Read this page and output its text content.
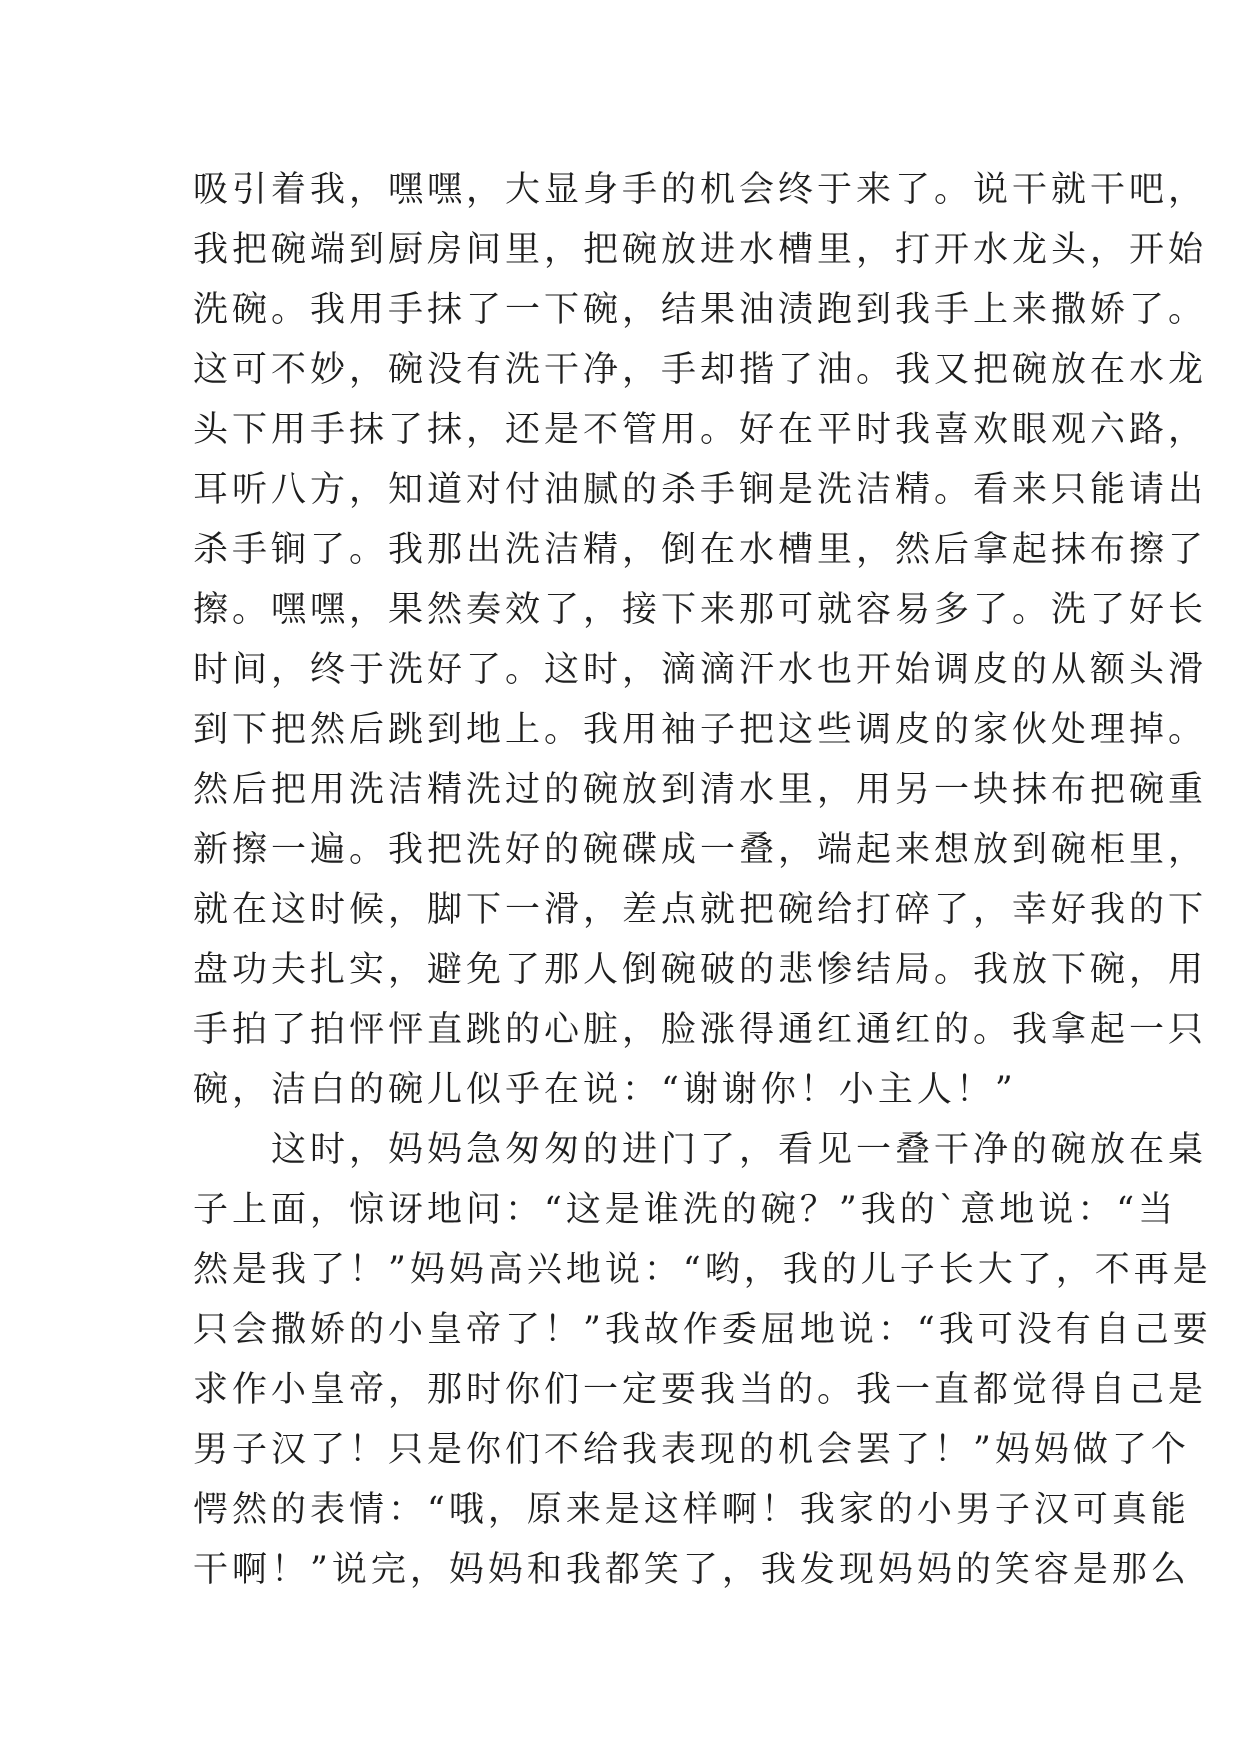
吸引着我，嘿嘿，大显身手的机会终于来了。说干就干吧，
我把碗端到厨房间里，把碗放进水槽里，打开水龙头，开始
洗碗。我用手抹了一下碗，结果油渍跑到我手上来撒娇了。
这可不妙，碗没有洗干净，手却揩了油。我又把碗放在水龙
头下用手抹了抹，还是不管用。好在平时我喜欢眼观六路，
耳听八方，知道对付油腻的杀手锏是洗洁精。看来只能请出
杀手锏了。我那出洗洁精，倒在水槽里，然后拿起抹布擦了
擦。嘿嘿，果然奏效了，接下来那可就容易多了。洗了好长
时间，终于洗好了。这时，滴滴汗水也开始调皮的从额头滑
到下把然后跳到地上。我用袖子把这些调皮的家伙处理掉。
然后把用洗洁精洗过的碗放到清水里，用另一块抹布把碗重
新擦一遍。我把洗好的碗碟成一叠，端起来想放到碗柜里，
就在这时候，脚下一滑，差点就把碗给打碎了，幸好我的下
盘功夫扎实，避免了那人倒碗破的悲惨结局。我放下碗，用
手拍了拍怦怦直跳的心脏，脸涨得通红通红的。我拿起一只
碗，洁白的碗儿似乎在说：“谢谢你！小主人！”
　　这时，妈妈急匆匆的进门了，看见一叠干净的碗放在桌
子上面，惊讶地问：“这是谁洗的碗？”我的`意地说：“当
然是我了！”妈妈高兴地说：“哟，我的儿子长大了，不再是
只会撒娇的小皇帝了！”我故作委屈地说：“我可没有自己要
求作小皇帝，那时你们一定要我当的。我一直都觉得自己是
男子汉了！只是你们不给我表现的机会罢了！”妈妈做了个
愕然的表情：“哦，原来是这样啊！我家的小男子汉可真能
干啊！”说完，妈妈和我都笑了，我发现妈妈的笑容是那么
